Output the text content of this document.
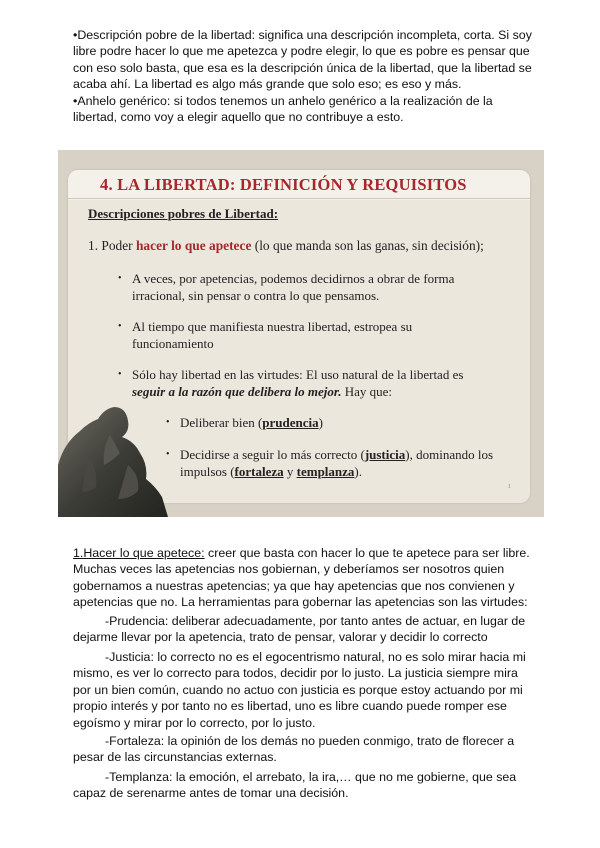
•Descripción pobre de la libertad: significa una descripción incompleta, corta. Si soy libre podre hacer lo que me apetezca y podre elegir, lo que es pobre es pensar que con eso solo basta, que esa es la descripción única de la libertad, que la libertad se acaba ahí. La libertad es algo más grande que solo eso; es eso y más.

•Anhelo genérico: si todos tenemos un anhelo genérico a la realización de la libertad, como voy a elegir aquello que no contribuye a esto.

4. LA LIBERTAD: DEFINICIÓN Y REQUISITOS

Descripciones pobres de Libertad:

1. Poder hacer lo que apetece (lo que manda son las ganas, sin decisión);

• A veces, por apetencias, podemos decidirnos a obrar de forma irracional, sin pensar o contra lo que pensamos.

• Al tiempo que manifiesta nuestra libertad, estropea su funcionamiento

• Sólo hay libertad en las virtudes: El uso natural de la libertad es seguir a la razón que delibera lo mejor. Hay que:

• Deliberar bien (prudencia)

• Decidirse a seguir lo más correcto (justicia), dominando los impulsos (fortaleza y templanza).

1

1.Hacer lo que apetece: creer que basta con hacer lo que te apetece para ser libre. Muchas veces las apetencias nos gobiernan, y deberíamos ser nosotros quien gobernamos a nuestras apetencias; ya que hay apetencias que nos convienen y apetencias que no. La herramientas para gobernar las apetencias son las virtudes:

-Prudencia: deliberar adecuadamente, por tanto antes de actuar, en lugar de dejarme llevar por la apetencia, trato de pensar, valorar y decidir lo correcto

-Justicia: lo correcto no es el egocentrismo natural, no es solo mirar hacia mi mismo, es ver lo correcto para todos, decidir por lo justo. La justicia siempre mira por un bien común, cuando no actuo con justicia es porque estoy actuando por mi propio interés y por tanto no es libertad, uno es libre cuando puede romper ese egoísmo y mirar por lo correcto, por lo justo.

-Fortaleza: la opinión de los demás no pueden conmigo, trato de florecer a pesar de las circunstancias externas.

-Templanza: la emoción, el arrebato, la ira,… que no me gobierne, que sea capaz de serenarme antes de tomar una decisión.
